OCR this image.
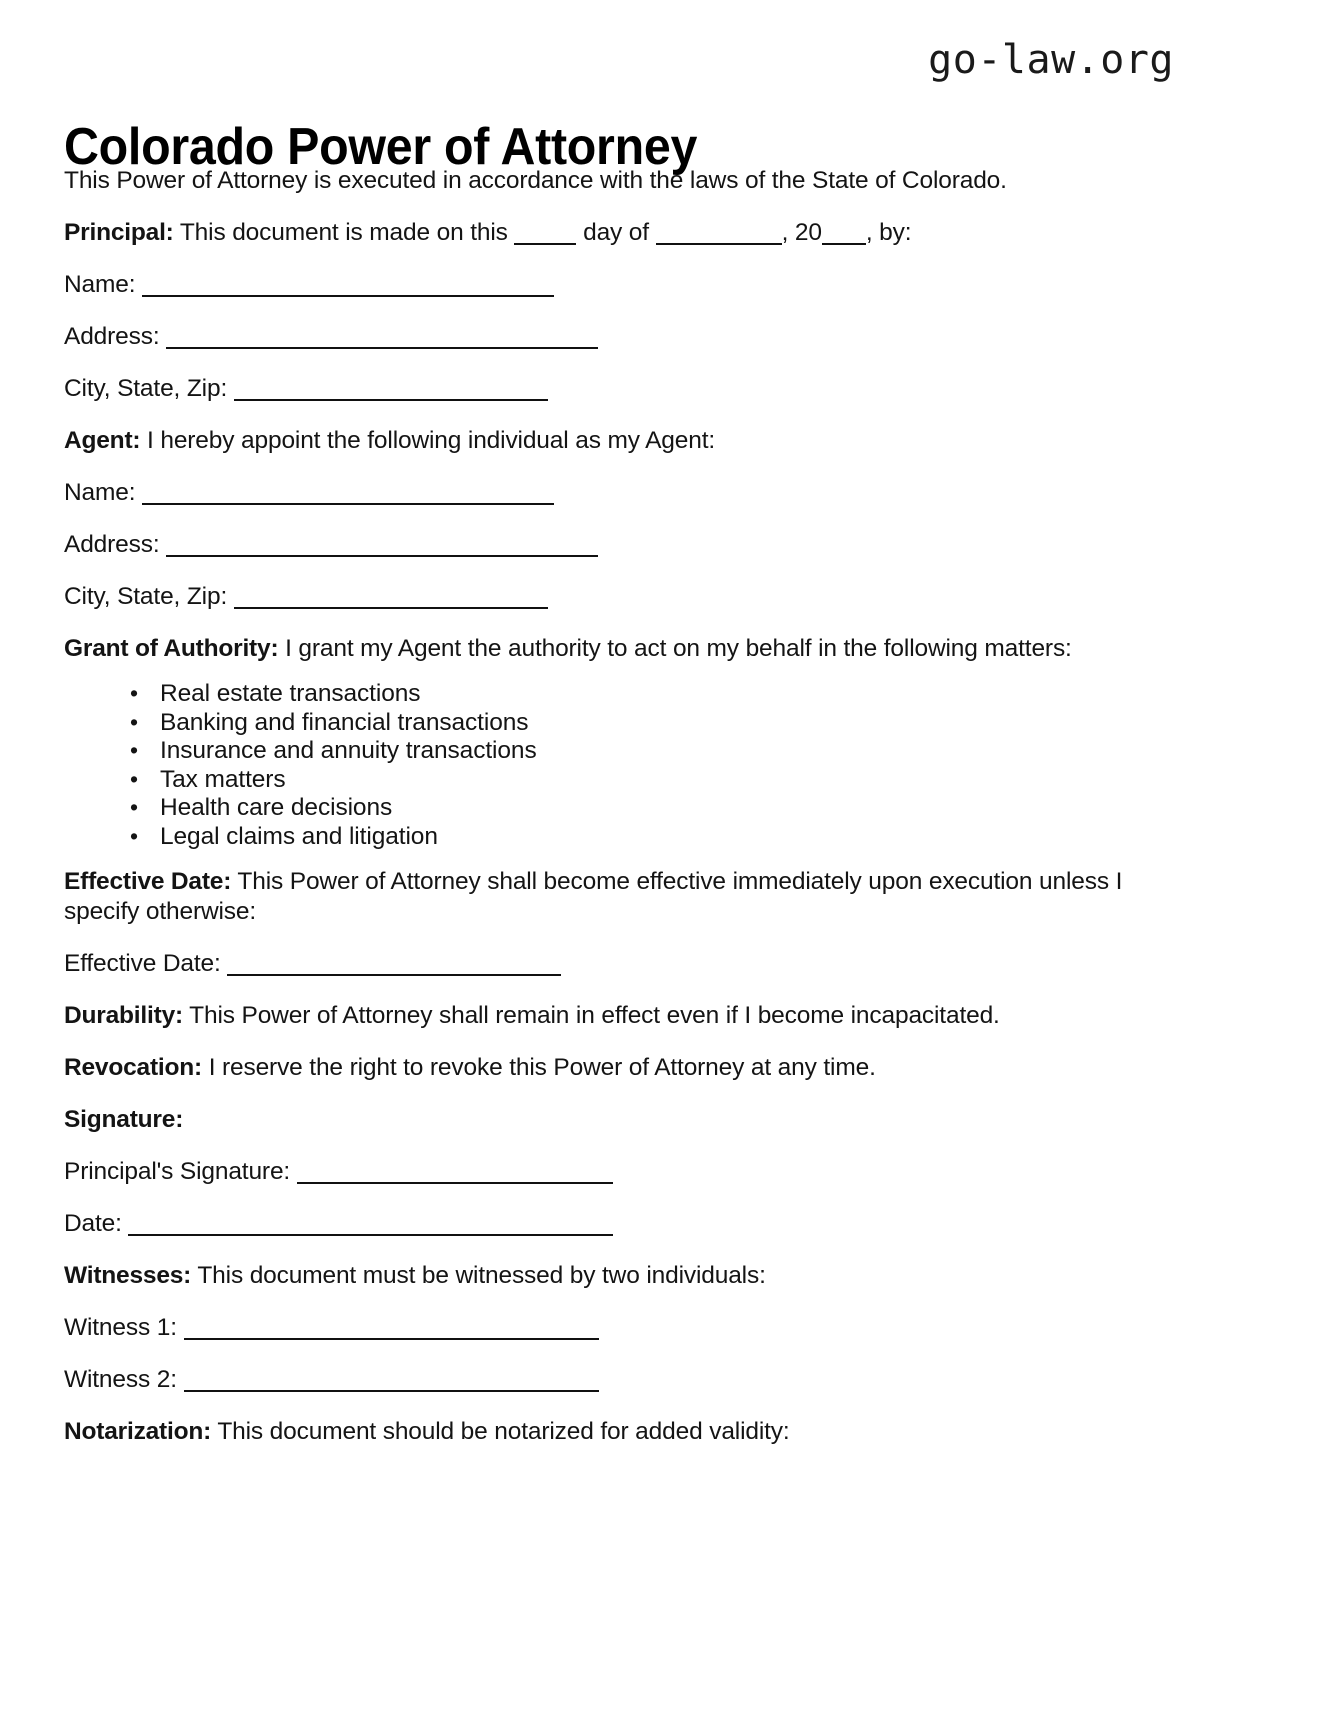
go-law.org
Colorado Power of Attorney

This Power of Attorney is executed in accordance with the laws of the State of Colorado.

Principal: This document is made on this	day of	, 20 , by:

Name:

Address:

City, State, Zip:

Agent: I hereby appoint the following individual as my Agent:

Name:

Address:

City, State, Zip:

Grant of Authority: I grant my Agent the authority to act on my behalf in the following matters:

• Real estate transactions
• Banking and financial transactions
• Insurance and annuity transactions
• Tax matters
• Health care decisions
• Legal claims and litigation

Effective Date: This Power of Attorney shall become effective immediately upon execution unless I specify otherwise:

Effective Date:

Durability: This Power of Attorney shall remain in effect even if I become incapacitated.

Revocation: I reserve the right to revoke this Power of Attorney at any time.

Signature:

Principal's Signature:

Date:

Witnesses: This document must be witnessed by two individuals:

Witness 1:

Witness 2:

Notarization: This document should be notarized for added validity:
